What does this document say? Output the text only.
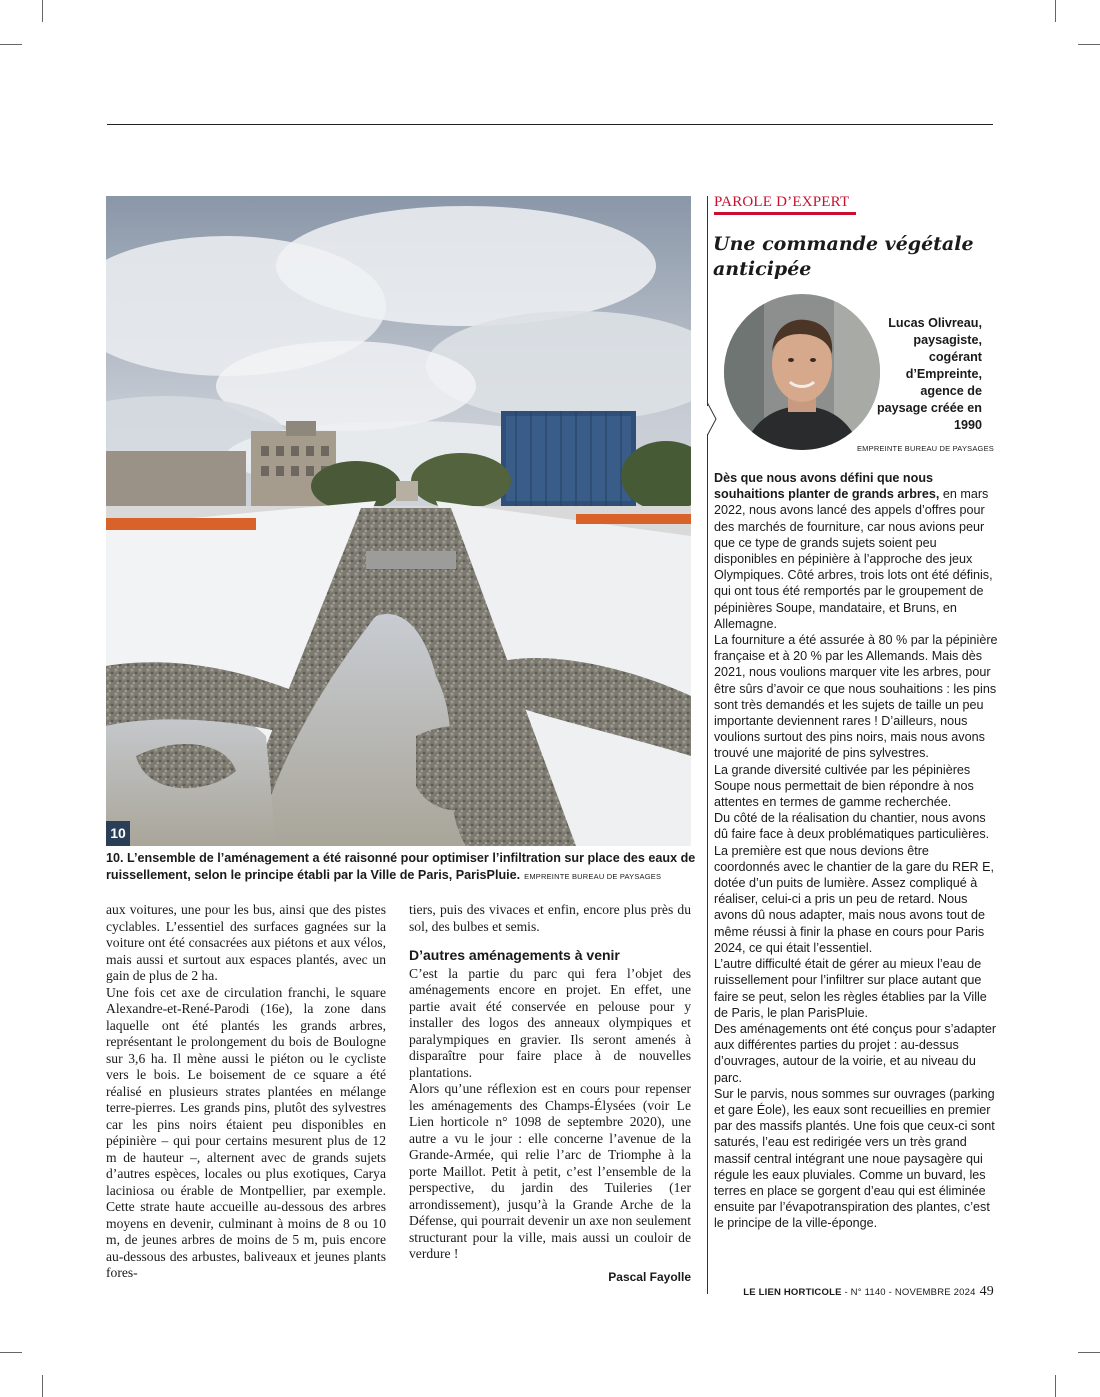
10
10. L’ensemble de l’aménagement a été raisonné pour optimiser l’infiltration sur place des eaux de ruissellement, selon le principe établi par la Ville de Paris, ParisPluie. EMPREINTE BUREAU DE PAYSAGES

aux voitures, une pour les bus, ainsi que des pistes cyclables. L’essentiel des surfaces gagnées sur la voiture ont été consacrées aux piétons et aux vélos, mais aussi et surtout aux espaces plantés, avec un gain de plus de 2 ha.

Une fois cet axe de circulation franchi, le square Alexandre-et-René-Parodi (16e), la zone dans laquelle ont été plantés les grands arbres, représentant le prolongement du bois de Boulogne sur 3,6 ha. Il mène aussi le piéton ou le cycliste vers le bois. Le boisement de ce square a été réalisé en plusieurs strates plantées en mélange terre-pierres. Les grands pins, plutôt des sylvestres car les pins noirs étaient peu disponibles en pépinière – qui pour certains mesurent plus de 12 m de hauteur –, alternent avec de grands sujets d’autres espèces, locales ou plus exotiques, Carya laciniosa ou érable de Montpellier, par exemple. Cette strate haute accueille au-dessous des arbres moyens en devenir, culminant à moins de 8 ou 10 m, de jeunes arbres de moins de 5 m, puis encore au-dessous des arbustes, baliveaux et jeunes plants fores-

tiers, puis des vivaces et enfin, encore plus près du sol, des bulbes et semis.

D’autres aménagements à venir

C’est la partie du parc qui fera l’objet des aménagements encore en projet. En effet, une partie avait été conservée en pelouse pour y installer des logos des anneaux olympiques et paralympiques en gravier. Ils seront amenés à disparaître pour faire place à de nouvelles plantations.

Alors qu’une réflexion est en cours pour repenser les aménagements des Champs-Élysées (voir Le Lien horticole n° 1098 de septembre 2020), une autre a vu le jour : elle concerne l’avenue de la Grande-Armée, qui relie l’arc de Triomphe à la porte Maillot. Petit à petit, c’est l’ensemble de la perspective, du jardin des Tuileries (1er arrondissement), jusqu’à la Grande Arche de la Défense, qui pourrait devenir un axe non seulement structurant pour la ville, mais aussi un couloir de verdure !

Pascal Fayolle
PAROLE D’EXPERT
Une commande végétale anticipée
Lucas Olivreau, paysagiste, cogérant d’Empreinte, agence de paysage créée en 1990
EMPREINTE BUREAU DE PAYSAGES

Dès que nous avons défini que nous souhaitions planter de grands arbres, en mars 2022, nous avons lancé des appels d’offres pour des marchés de fourniture, car nous avions peur que ce type de grands sujets soient peu disponibles en pépinière à l’approche des jeux Olympiques. Côté arbres, trois lots ont été définis, qui ont tous été remportés par le groupement de pépinières Soupe, mandataire, et Bruns, en Allemagne.

La fourniture a été assurée à 80 % par la pépinière française et à 20 % par les Allemands. Mais dès 2021, nous voulions marquer vite les arbres, pour être sûrs d’avoir ce que nous souhaitions : les pins sont très demandés et les sujets de taille un peu importante deviennent rares ! D’ailleurs, nous voulions surtout des pins noirs, mais nous avons trouvé une majorité de pins sylvestres.

La grande diversité cultivée par les pépinières Soupe nous permettait de bien répondre à nos attentes en termes de gamme recherchée.

Du côté de la réalisation du chantier, nous avons dû faire face à deux problématiques particulières. La première est que nous devions être coordonnés avec le chantier de la gare du RER E, dotée d’un puits de lumière. Assez compliqué à réaliser, celui-ci a pris un peu de retard. Nous avons dû nous adapter, mais nous avons tout de même réussi à finir la phase en cours pour Paris 2024, ce qui était l’essentiel.

L’autre difficulté était de gérer au mieux l’eau de ruissellement pour l’infiltrer sur place autant que faire se peut, selon les règles établies par la Ville de Paris, le plan ParisPluie.

Des aménagements ont été conçus pour s’adapter aux différentes parties du projet : au-dessus d’ouvrages, autour de la voirie, et au niveau du parc.

Sur le parvis, nous sommes sur ouvrages (parking et gare Éole), les eaux sont recueillies en premier par des massifs plantés. Une fois que ceux-ci sont saturés, l’eau est redirigée vers un très grand massif central intégrant une noue paysagère qui régule les eaux pluviales. Comme un buvard, les terres en place se gorgent d’eau qui est éliminée ensuite par l’évapotranspiration des plantes, c’est le principe de la ville-éponge.

LE LIEN HORTICOLE - N° 1140 - NOVEMBRE 2024 49
